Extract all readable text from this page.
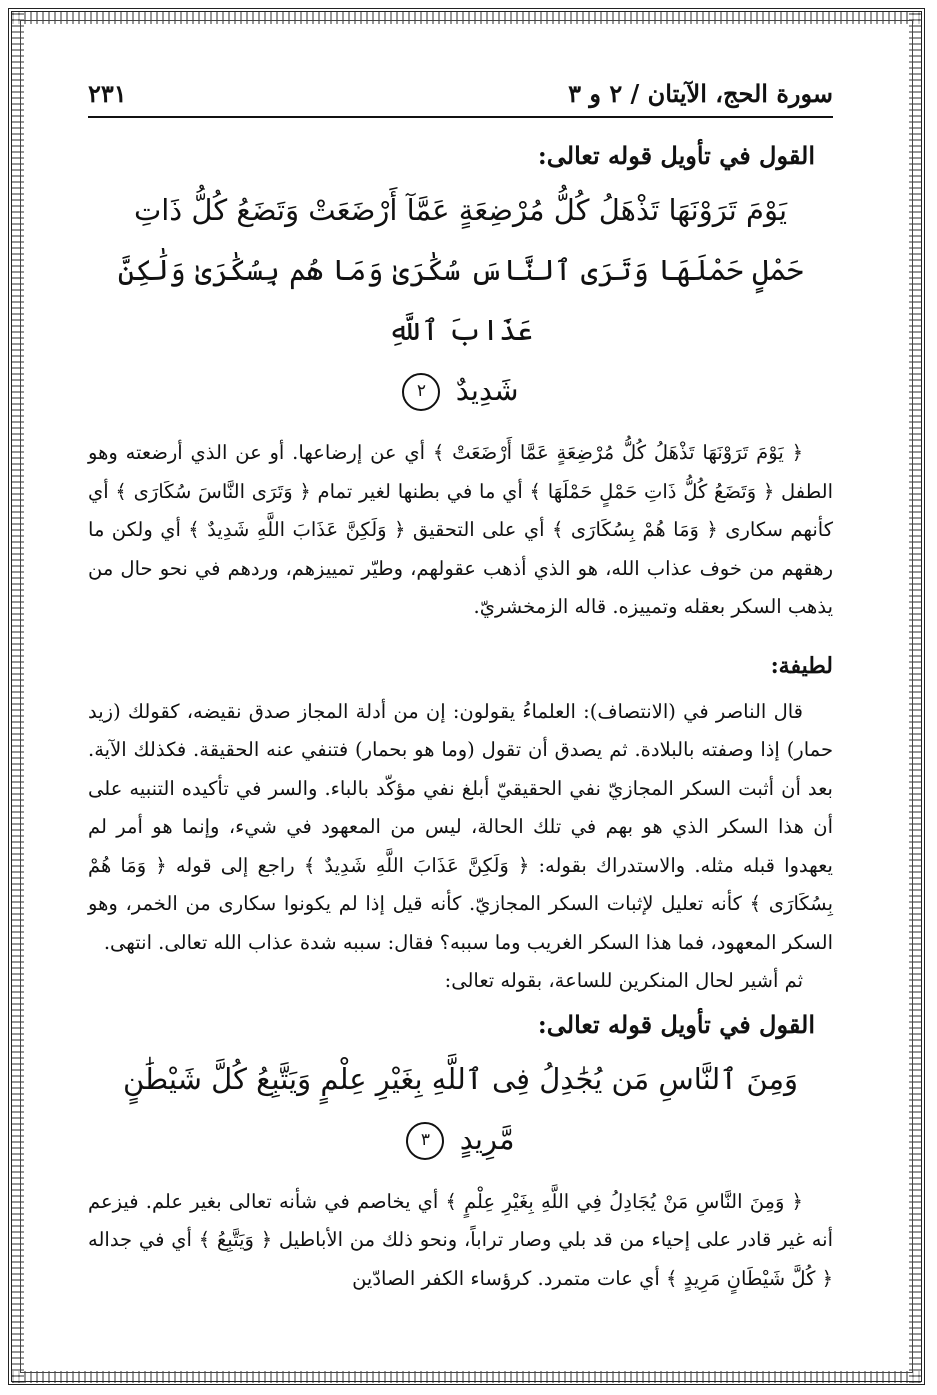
سورة الحج، الآيتان / ٢ و ٣
٢٣١
القول في تأويل قوله تعالى:
يَوْمَ تَرَوْنَهَا تَذْهَلُ كُلُّ مُرْضِعَةٍ عَمَّآ أَرْضَعَتْ وَتَضَعُ كُلُّ ذَاتِ
حَمْلٍ حَمْلَهَا وَتَرَى ٱلنَّاسَ سُكَٰرَىٰ وَمَا هُم بِسُكَٰرَىٰ وَلَٰكِنَّ عَذَابَ ٱللَّهِ
شَدِيدٌ ٢

﴿ يَوْمَ تَرَوْنَهَا تَذْهَلُ كُلُّ مُرْضِعَةٍ عَمَّا أَرْضَعَتْ ﴾ أي عن إرضاعها. أو عن الذي أرضعته وهو الطفل ﴿ وَتَضَعُ كُلُّ ذَاتِ حَمْلٍ حَمْلَهَا ﴾ أي ما في بطنها لغير تمام ﴿ وَتَرَى النَّاسَ سُكَارَى ﴾ أي كأنهم سكارى ﴿ وَمَا هُمْ بِسُكَارَى ﴾ أي على التحقيق ﴿ وَلَكِنَّ عَذَابَ اللَّهِ شَدِيدٌ ﴾ أي ولكن ما رهقهم من خوف عذاب الله، هو الذي أذهب عقولهم، وطيّر تمييزهم، وردهم في نحو حال من يذهب السكر بعقله وتمييزه. قاله الزمخشريّ.

لطيفة:

قال الناصر في (الانتصاف): العلماءُ يقولون: إن من أدلة المجاز صدق نقيضه، كقولك (زيد حمار) إذا وصفته بالبلادة. ثم يصدق أن تقول (وما هو بحمار) فتنفي عنه الحقيقة. فكذلك الآية. بعد أن أثبت السكر المجازيّ نفي الحقيقيّ أبلغ نفي مؤكّد بالباء. والسر في تأكيده التنبيه على أن هذا السكر الذي هو بهم في تلك الحالة، ليس من المعهود في شيء، وإنما هو أمر لم يعهدوا قبله مثله. والاستدراك بقوله: ﴿ وَلَكِنَّ عَذَابَ اللَّهِ شَدِيدٌ ﴾ راجع إلى قوله ﴿ وَمَا هُمْ بِسُكَارَى ﴾ كأنه تعليل لإثبات السكر المجازيّ. كأنه قيل إذا لم يكونوا سكارى من الخمر، وهو السكر المعهود، فما هذا السكر الغريب وما سببه؟ فقال: سببه شدة عذاب الله تعالى. انتهى.

ثم أشير لحال المنكرين للساعة، بقوله تعالى:

القول في تأويل قوله تعالى:
وَمِنَ ٱلنَّاسِ مَن يُجَٰدِلُ فِى ٱللَّهِ بِغَيْرِ عِلْمٍ وَيَتَّبِعُ كُلَّ شَيْطَٰنٍ مَّرِيدٍ ٣

﴿ وَمِنَ النَّاسِ مَنْ يُجَادِلُ فِي اللَّهِ بِغَيْرِ عِلْمٍ ﴾ أي يخاصم في شأنه تعالى بغير علم. فيزعم أنه غير قادر على إحياء من قد بلي وصار تراباً، ونحو ذلك من الأباطيل ﴿ وَيَتَّبِعُ ﴾ أي في جداله ﴿ كُلَّ شَيْطَانٍ مَرِيدٍ ﴾ أي عات متمرد. كرؤساء الكفر الصادّين
